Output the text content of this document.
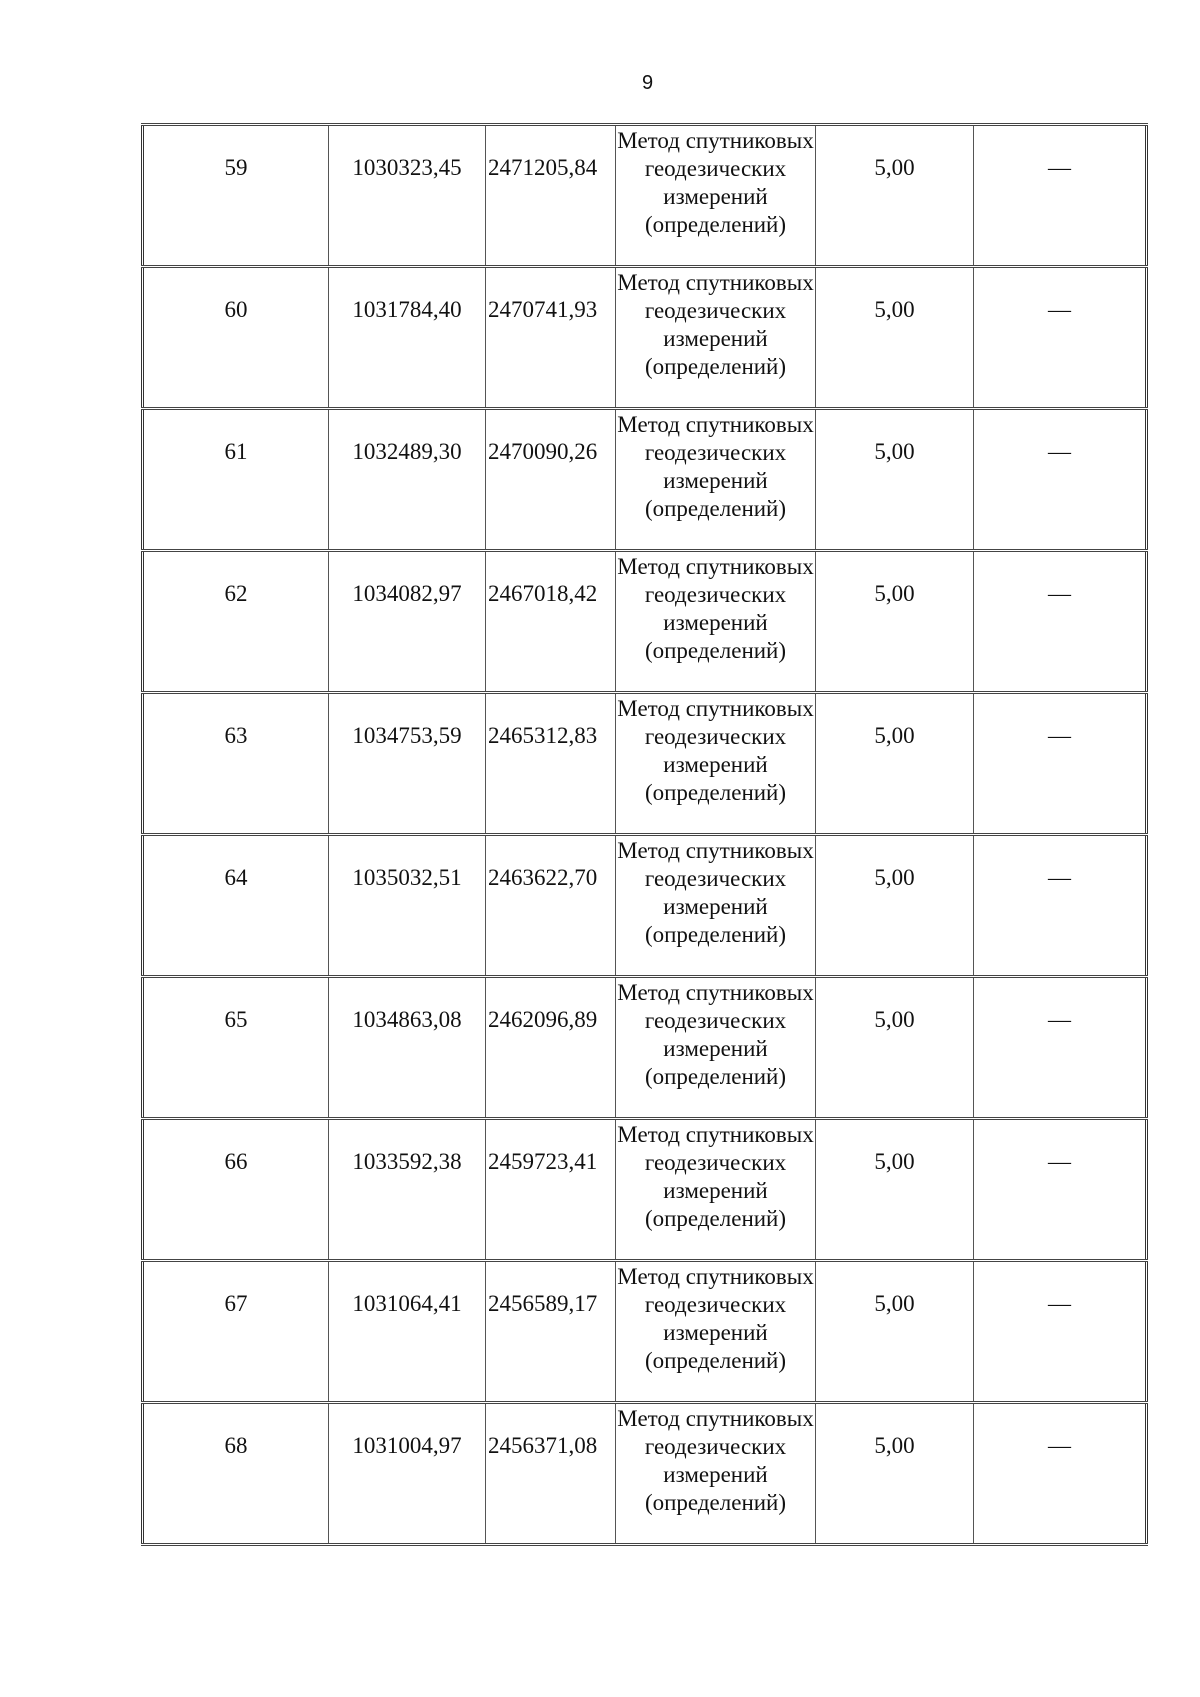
9
59	1030323,45	2471205,84	Метод спутниковых геодезических измерений (определений)	5,00	—
60	1031784,40	2470741,93	Метод спутниковых геодезических измерений (определений)	5,00	—
61	1032489,30	2470090,26	Метод спутниковых геодезических измерений (определений)	5,00	—
62	1034082,97	2467018,42	Метод спутниковых геодезических измерений (определений)	5,00	—
63	1034753,59	2465312,83	Метод спутниковых геодезических измерений (определений)	5,00	—
64	1035032,51	2463622,70	Метод спутниковых геодезических измерений (определений)	5,00	—
65	1034863,08	2462096,89	Метод спутниковых геодезических измерений (определений)	5,00	—
66	1033592,38	2459723,41	Метод спутниковых геодезических измерений (определений)	5,00	—
67	1031064,41	2456589,17	Метод спутниковых геодезических измерений (определений)	5,00	—
68	1031004,97	2456371,08	Метод спутниковых геодезических измерений (определений)	5,00	—
